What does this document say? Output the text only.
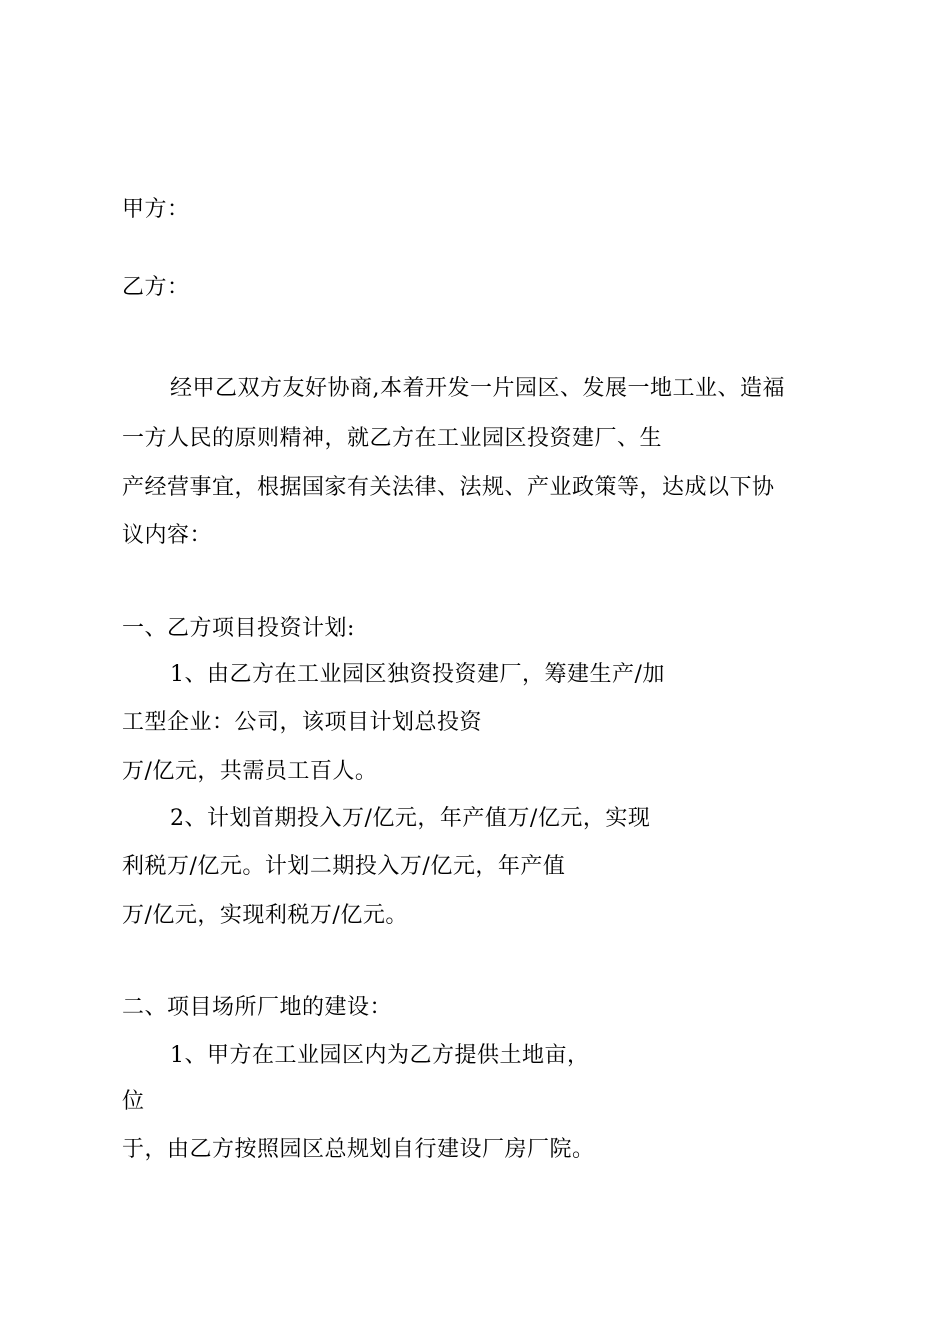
甲方：
乙方：
经甲乙双方友好协商,本着开发一片园区、发展一地工业、造福
一方人民的原则精神，就乙方在工业园区投资建厂、生
产经营事宜，根据国家有关法律、法规、产业政策等，达成以下协
议内容：
一、乙方项目投资计划:
1、由乙方在工业园区独资投资建厂，筹建生产/加
工型企业：公司，该项目计划总投资
万/亿元，共需员工百人。
2、计划首期投入万/亿元，年产值万/亿元，实现
利税万/亿元。计划二期投入万/亿元，年产值
万/亿元，实现利税万/亿元。
二、项目场所厂地的建设：
1、甲方在工业园区内为乙方提供土地亩，
位
于，由乙方按照园区总规划自行建设厂房厂院。
